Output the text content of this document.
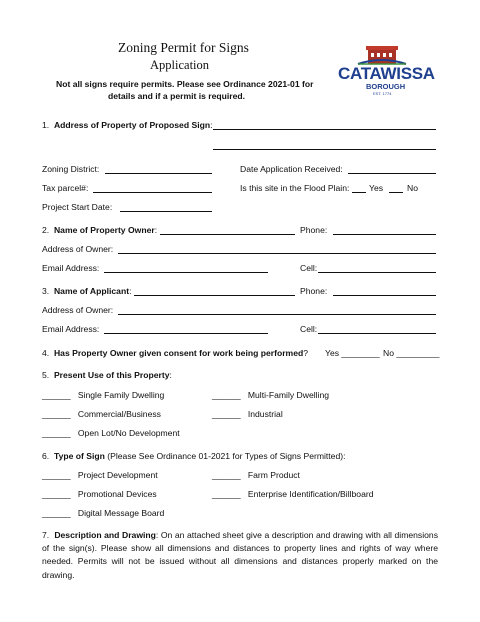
Zoning Permit for Signs
Application
Not all signs require permits. Please see Ordinance 2021-01 for
details and if a permit is required.
CATAWISSA
BOROUGH
EST. 1774
1. Address of Property of Proposed Sign:
Zoning District:	Date Application Received:
Tax parcel#:	Is this site in the Flood Plain: Yes	No
Project Start Date:
2. Name of Property Owner:	Phone:
Address of Owner:
Email Address:	Cell:
3. Name of Applicant:	Phone:
Address of Owner:
Email Address:	Cell:
4. Has Property Owner given consent for work being performed? Yes ________ No _________
5. Present Use of this Property:
______ Single Family Dwelling	______ Multi-Family Dwelling
______ Commercial/Business	______ Industrial
______ Open Lot/No Development
6. Type of Sign (Please See Ordinance 01-2021 for Types of Signs Permitted):
______ Project Development	______ Farm Product
______ Promotional Devices	______ Enterprise Identification/Billboard
______ Digital Message Board
7. Description and Drawing: On an attached sheet give a description and drawing with all dimensions of the sign(s). Please show all dimensions and distances to property lines and rights of way where needed. Permits will not be issued without all dimensions and distances properly marked on the drawing.
